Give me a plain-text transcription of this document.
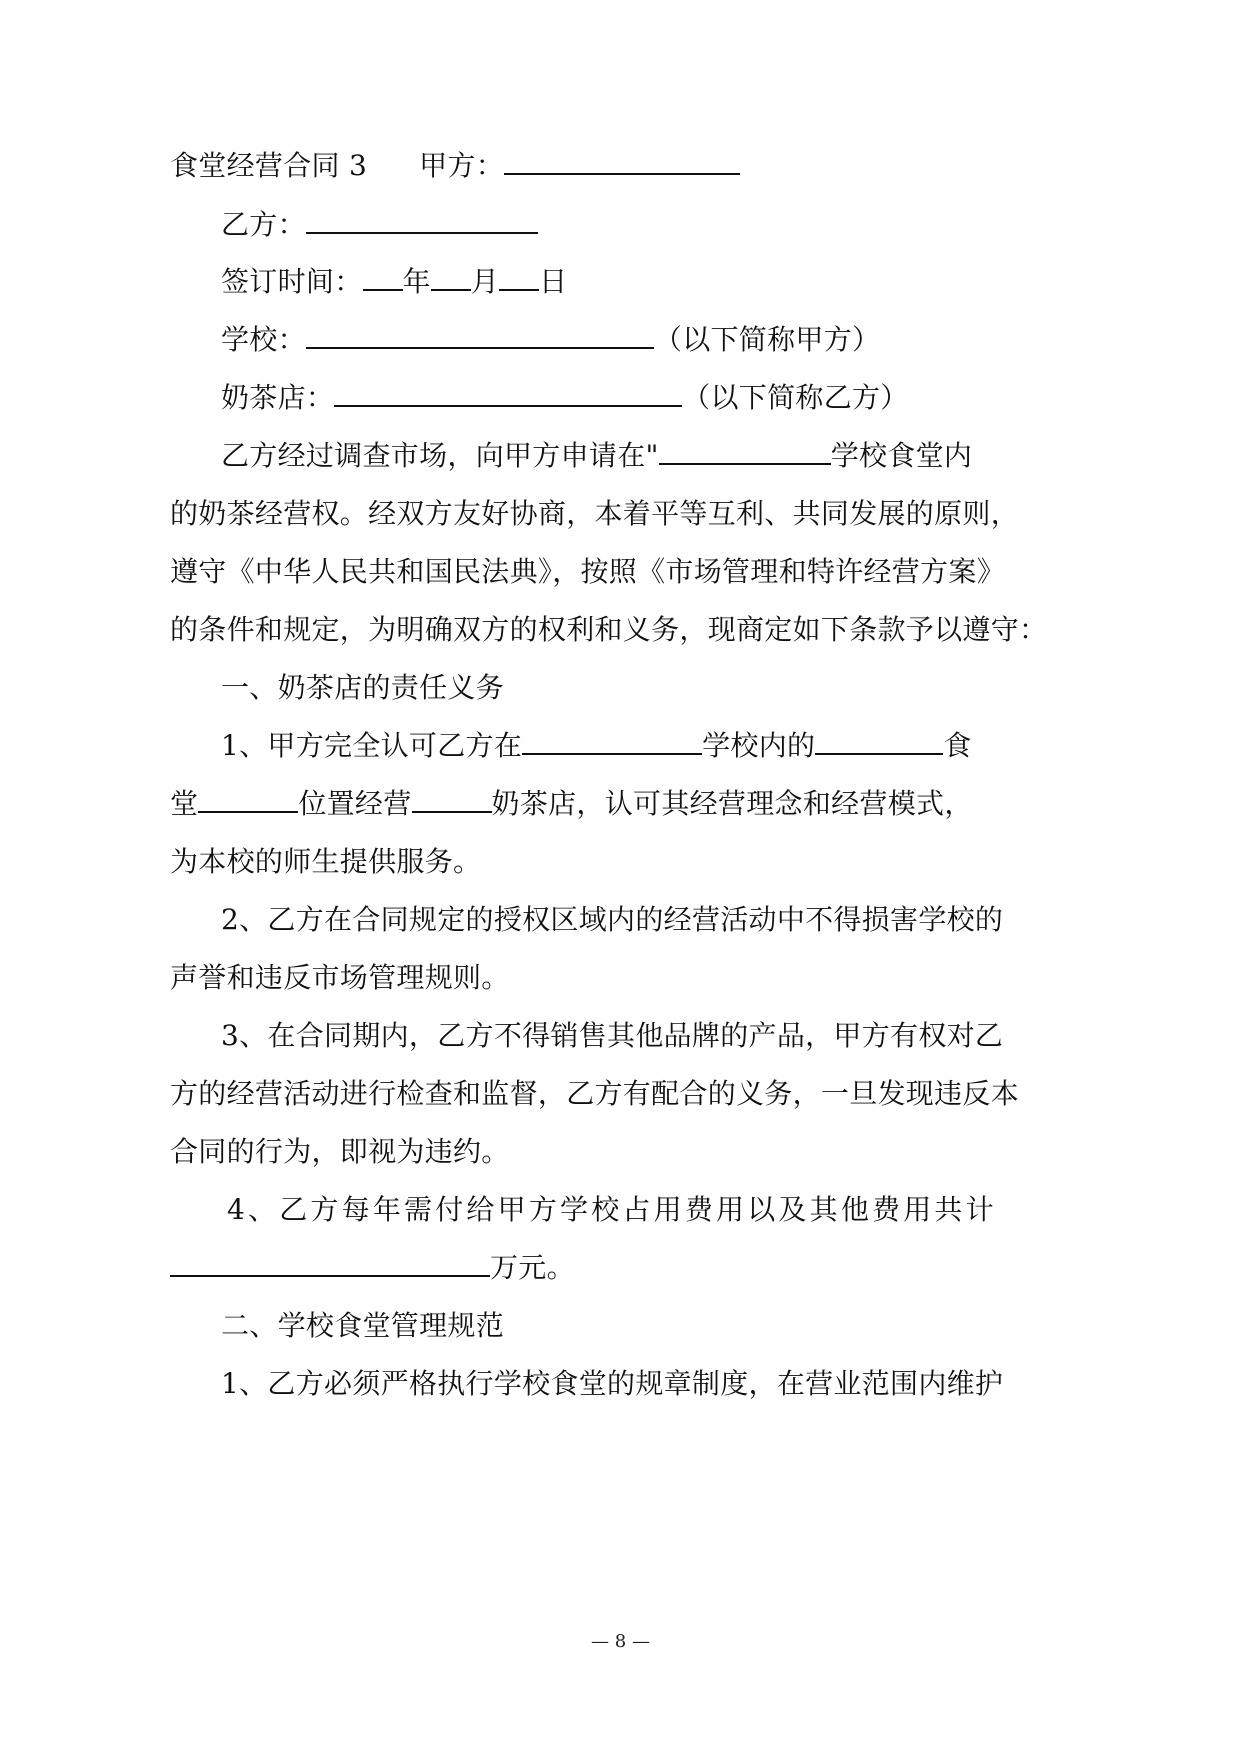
食堂经营合同 3 甲方：
乙方：
签订时间： 年 月 日
学校：	（以下简称甲方）
奶茶店：	（以下简称乙方）
乙方经过调查市场，向甲方申请在"	学校食堂内
的奶茶经营权。经双方友好协商，本着平等互利、共同发展的原则，
遵守《中华人民共和国民法典》，按照《市场管理和特许经营方案》
的条件和规定，为明确双方的权利和义务，现商定如下条款予以遵守：
一、奶茶店的责任义务
1、甲方完全认可乙方在	学校内的	食
堂	位置经营	奶茶店，认可其经营理念和经营模式，
为本校的师生提供服务。
2、乙方在合同规定的授权区域内的经营活动中不得损害学校的
声誉和违反市场管理规则。
3、在合同期内，乙方不得销售其他品牌的产品，甲方有权对乙
方的经营活动进行检查和监督，乙方有配合的义务，一旦发现违反本
合同的行为，即视为违约。
4、乙方每年需付给甲方学校占用费用以及其他费用共计
万元。
二、学校食堂管理规范
1、乙方必须严格执行学校食堂的规章制度，在营业范围内维护
— 8 —
